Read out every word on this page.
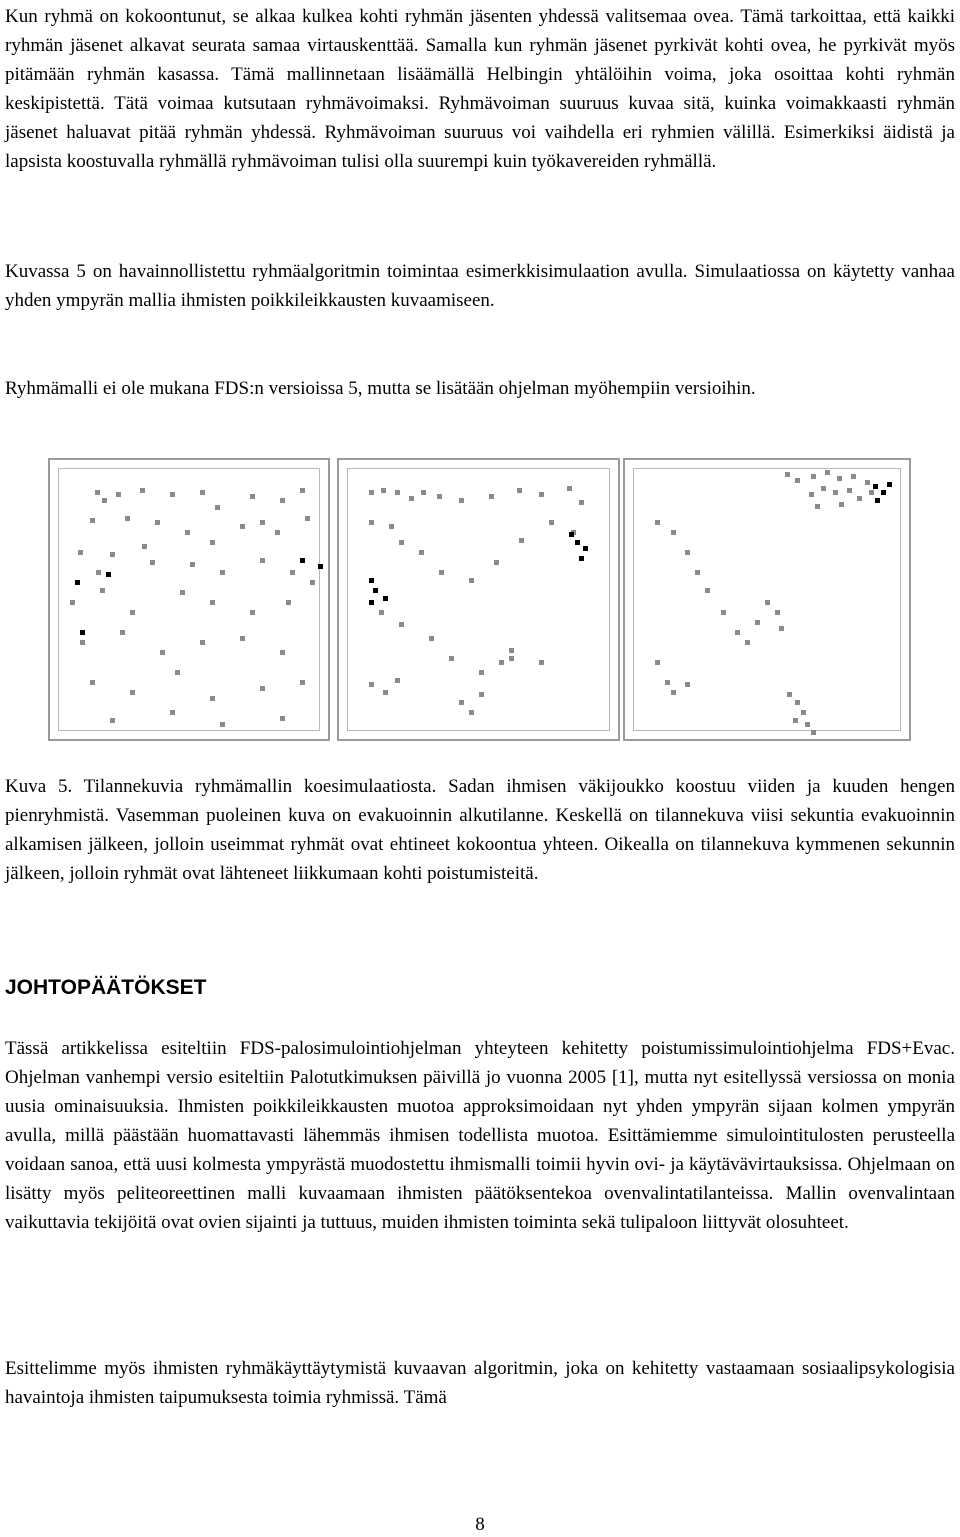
Kun ryhmä on kokoontunut, se alkaa kulkea kohti ryhmän jäsenten yhdessä valitsemaa ovea. Tämä tarkoittaa, että kaikki ryhmän jäsenet alkavat seurata samaa virtauskenttää. Samalla kun ryhmän jäsenet pyrkivät kohti ovea, he pyrkivät myös pitämään ryhmän kasassa. Tämä mallinnetaan lisäämällä Helbingin yhtälöihin voima, joka osoittaa kohti ryhmän keskipistettä. Tätä voimaa kutsutaan ryhmävoimaksi. Ryhmävoiman suuruus kuvaa sitä, kuinka voimakkaasti ryhmän jäsenet haluavat pitää ryhmän yhdessä. Ryhmävoiman suuruus voi vaihdella eri ryhmien välillä. Esimerkiksi äidistä ja lapsista koostuvalla ryhmällä ryhmävoiman tulisi olla suurempi kuin työkavereiden ryhmällä.

Kuvassa 5 on havainnollistettu ryhmäalgoritmin toimintaa esimerkkisimulaation avulla. Simulaatiossa on käytetty vanhaa yhden ympyrän mallia ihmisten poikkileikkausten kuvaamiseen.

Ryhmämalli ei ole mukana FDS:n versioissa 5, mutta se lisätään ohjelman myöhempiin versioihin.

Kuva 5. Tilannekuvia ryhmämallin koesimulaatiosta. Sadan ihmisen väkijoukko koostuu viiden ja kuuden hengen pienryhmistä. Vasemman puoleinen kuva on evakuoinnin alkutilanne. Keskellä on tilannekuva viisi sekuntia evakuoinnin alkamisen jälkeen, jolloin useimmat ryhmät ovat ehtineet kokoontua yhteen. Oikealla on tilannekuva kymmenen sekunnin jälkeen, jolloin ryhmät ovat lähteneet liikkumaan kohti poistumisteitä.

JOHTOPÄÄTÖKSET

Tässä artikkelissa esiteltiin FDS-palosimulointiohjelman yhteyteen kehitetty poistumissimulointiohjelma FDS+Evac. Ohjelman vanhempi versio esiteltiin Palotutkimuksen päivillä jo vuonna 2005 [1], mutta nyt esitellyssä versiossa on monia uusia ominaisuuksia. Ihmisten poikkileikkausten muotoa approksimoidaan nyt yhden ympyrän sijaan kolmen ympyrän avulla, millä päästään huomattavasti lähemmäs ihmisen todellista muotoa. Esittämiemme simulointitulosten perusteella voidaan sanoa, että uusi kolmesta ympyrästä muodostettu ihmismalli toimii hyvin ovi- ja käytävävirtauksissa. Ohjelmaan on lisätty myös peliteoreettinen malli kuvaamaan ihmisten päätöksentekoa ovenvalintatilanteissa. Mallin ovenvalintaan vaikuttavia tekijöitä ovat ovien sijainti ja tuttuus, muiden ihmisten toiminta sekä tulipaloon liittyvät olosuhteet.

Esittelimme myös ihmisten ryhmäkäyttäytymistä kuvaavan algoritmin, joka on kehitetty vastaamaan sosiaalipsykologisia havaintoja ihmisten taipumuksesta toimia ryhmissä. Tämä

8
